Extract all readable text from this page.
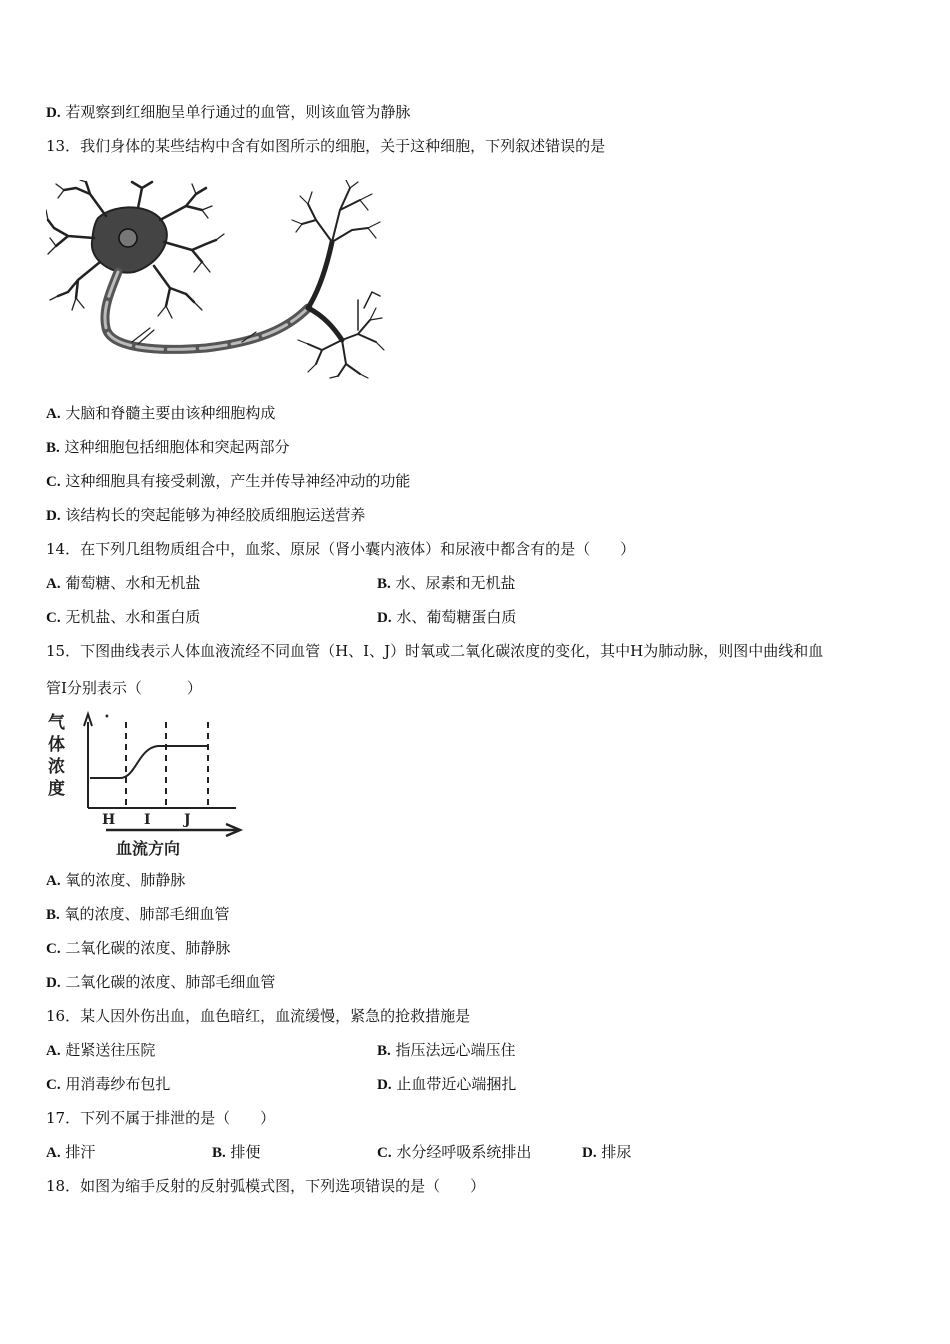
D. 若观察到红细胞呈单行通过的血管，则该血管为静脉
13．我们身体的某些结构中含有如图所示的细胞，关于这种细胞，下列叙述错误的是
A. 大脑和脊髓主要由该种细胞构成
B. 这种细胞包括细胞体和突起两部分
C. 这种细胞具有接受刺激，产生并传导神经冲动的功能
D. 该结构长的突起能够为神经胶质细胞运送营养
14．在下列几组物质组合中，血浆、原尿（肾小囊内液体）和尿液中都含有的是（　　）
A. 葡萄糖、水和无机盐	B. 水、尿素和无机盐
C. 无机盐、水和蛋白质	D. 水、葡萄糖蛋白质
15．下图曲线表示人体血液流经不同血管（H、I、J）时氧或二氧化碳浓度的变化，其中H为肺动脉，则图中曲线和血
管Ⅰ分别表示（　　　）
气
体
浓
度
•
H I J
血流方向
A. 氧的浓度、肺静脉
B. 氧的浓度、肺部毛细血管
C. 二氧化碳的浓度、肺静脉
D. 二氧化碳的浓度、肺部毛细血管
16．某人因外伤出血，血色暗红，血流缓慢，紧急的抢救措施是
A. 赶紧送往压院	B. 指压法远心端压住
C. 用消毒纱布包扎	D. 止血带近心端捆扎
17．下列不属于排泄的是（　　）
A. 排汗	B. 排便	C. 水分经呼吸系统排出	D. 排尿
18．如图为缩手反射的反射弧模式图，下列选项错误的是（　　）
